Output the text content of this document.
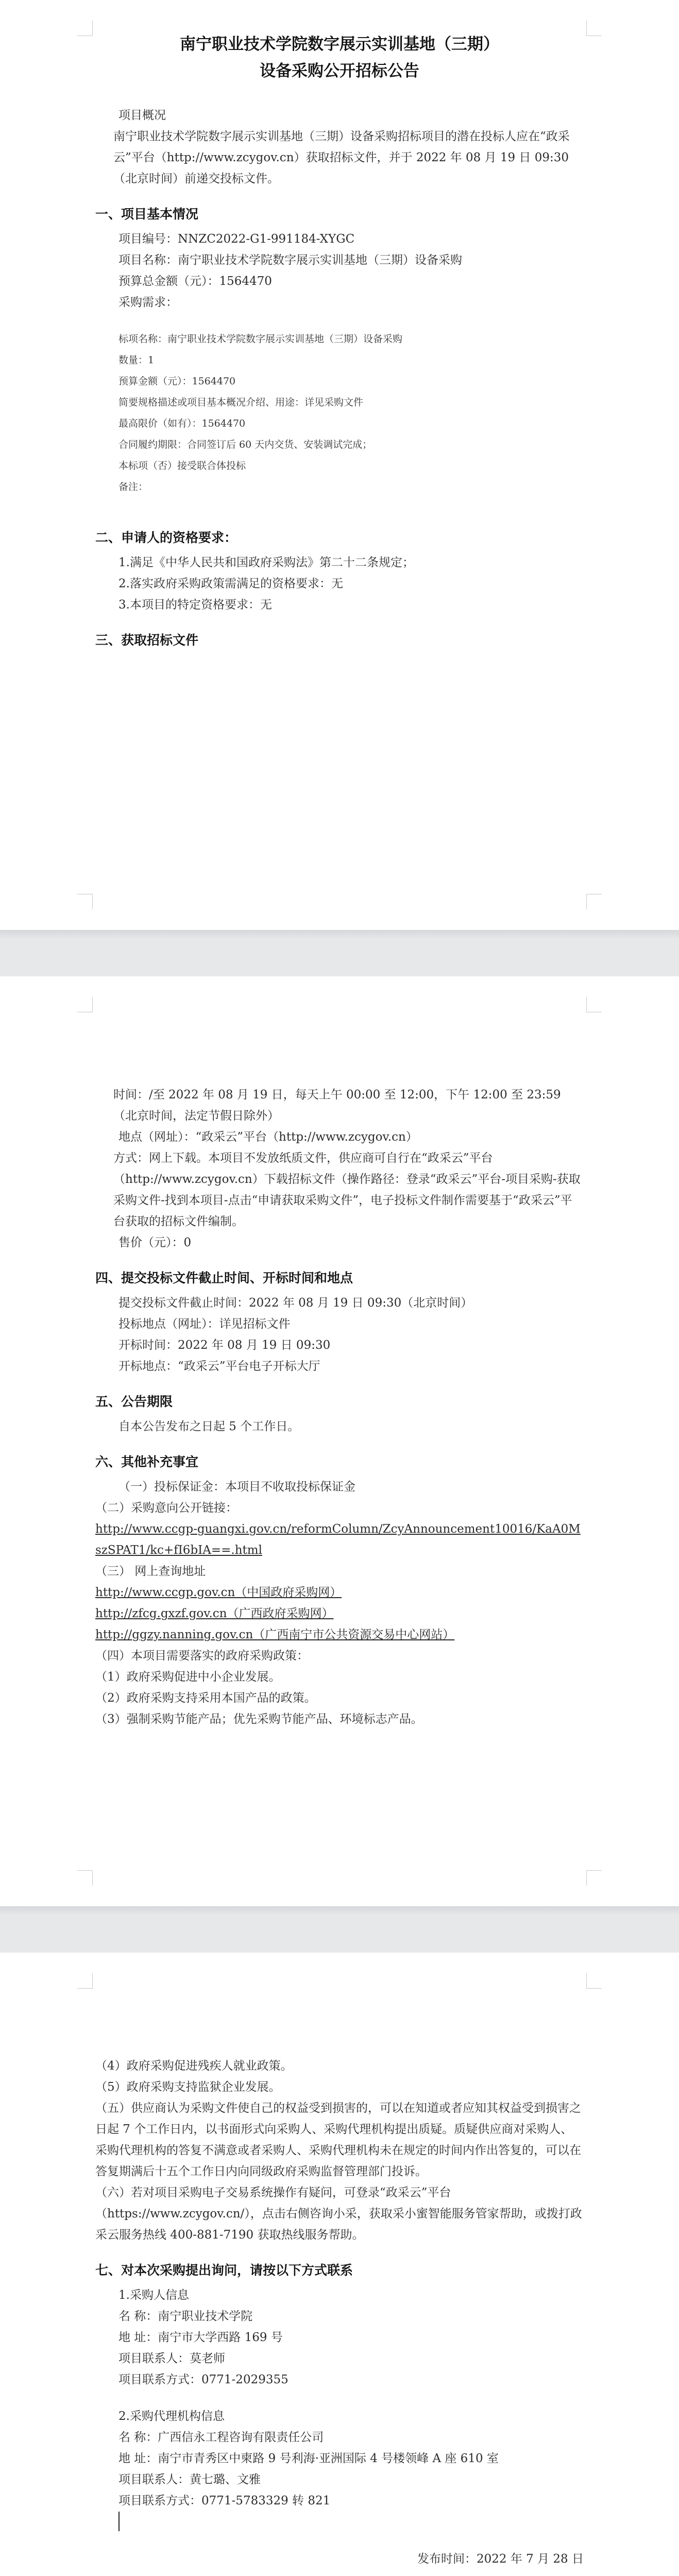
南宁职业技术学院数字展示实训基地（三期）
设备采购公开招标公告

项目概况

南宁职业技术学院数字展示实训基地（三期）设备采购招标项目的潜在投标人应在“政采云”平台（http://www.zcygov.cn）获取招标文件，并于 2022 年 08 月 19 日 09:30（北京时间）前递交投标文件。

一、项目基本情况

项目编号：NNZC2022-G1-991184-XYGC

项目名称：南宁职业技术学院数字展示实训基地（三期）设备采购

预算总金额（元）：1564470

采购需求：

标项名称：南宁职业技术学院数字展示实训基地（三期）设备采购

数量：1

预算金额（元）：1564470

简要规格描述或项目基本概况介绍、用途：详见采购文件

最高限价（如有）：1564470

合同履约期限：合同签订后 60 天内交货、安装调试完成；

本标项（否）接受联合体投标

备注：

二、申请人的资格要求：

1.满足《中华人民共和国政府采购法》第二十二条规定；

2.落实政府采购政策需满足的资格要求：无

3.本项目的特定资格要求：无

三、获取招标文件

时间：/至 2022 年 08 月 19 日，每天上午 00:00 至 12:00，下午 12:00 至 23:59（北京时间，法定节假日除外）

地点（网址）：“政采云”平台（http://www.zcygov.cn）

方式：网上下载。本项目不发放纸质文件，供应商可自行在“政采云”平台（http://www.zcygov.cn）下载招标文件（操作路径：登录“政采云”平台-项目采购-获取采购文件-找到本项目-点击“申请获取采购文件”，电子投标文件制作需要基于“政采云”平台获取的招标文件编制。

售价（元）：0

四、提交投标文件截止时间、开标时间和地点

提交投标文件截止时间：2022 年 08 月 19 日 09:30（北京时间）

投标地点（网址）：详见招标文件

开标时间：2022 年 08 月 19 日 09:30

开标地点：“政采云”平台电子开标大厅

五、公告期限

自本公告发布之日起 5 个工作日。

六、其他补充事宜

（一）投标保证金：本项目不收取投标保证金

（二）采购意向公开链接：

http://www.ccgp-guangxi.gov.cn/reformColumn/ZcyAnnouncement10016/KaA0MszSPAT1/kc+fI6bIA==.html

（三） 网上查询地址

http://www.ccgp.gov.cn（中国政府采购网）

http://zfcg.gxzf.gov.cn（广西政府采购网）

http://ggzy.nanning.gov.cn（广西南宁市公共资源交易中心网站）

（四）本项目需要落实的政府采购政策：

（1）政府采购促进中小企业发展。

（2）政府采购支持采用本国产品的政策。

（3）强制采购节能产品；优先采购节能产品、环境标志产品。

（4）政府采购促进残疾人就业政策。

（5）政府采购支持监狱企业发展。

（五）供应商认为采购文件使自己的权益受到损害的，可以在知道或者应知其权益受到损害之日起 7 个工作日内，以书面形式向采购人、采购代理机构提出质疑。质疑供应商对采购人、采购代理机构的答复不满意或者采购人、采购代理机构未在规定的时间内作出答复的，可以在答复期满后十五个工作日内向同级政府采购监督管理部门投诉。

（六）若对项目采购电子交易系统操作有疑问，可登录“政采云”平台（https://www.zcygov.cn/），点击右侧咨询小采，获取采小蜜智能服务管家帮助，或拨打政采云服务热线 400-881-7190 获取热线服务帮助。

七、对本次采购提出询问，请按以下方式联系

1.采购人信息

名 称：南宁职业技术学院

地 址：南宁市大学西路 169 号

项目联系人：莫老师

项目联系方式：0771-2029355

2.采购代理机构信息

名 称：广西信永工程咨询有限责任公司

地 址：南宁市青秀区中柬路 9 号利海·亚洲国际 4 号楼领峰 A 座 610 室

项目联系人：黄七璐、文雅

项目联系方式：0771-5783329 转 821

发布时间：2022 年 7 月 28 日
